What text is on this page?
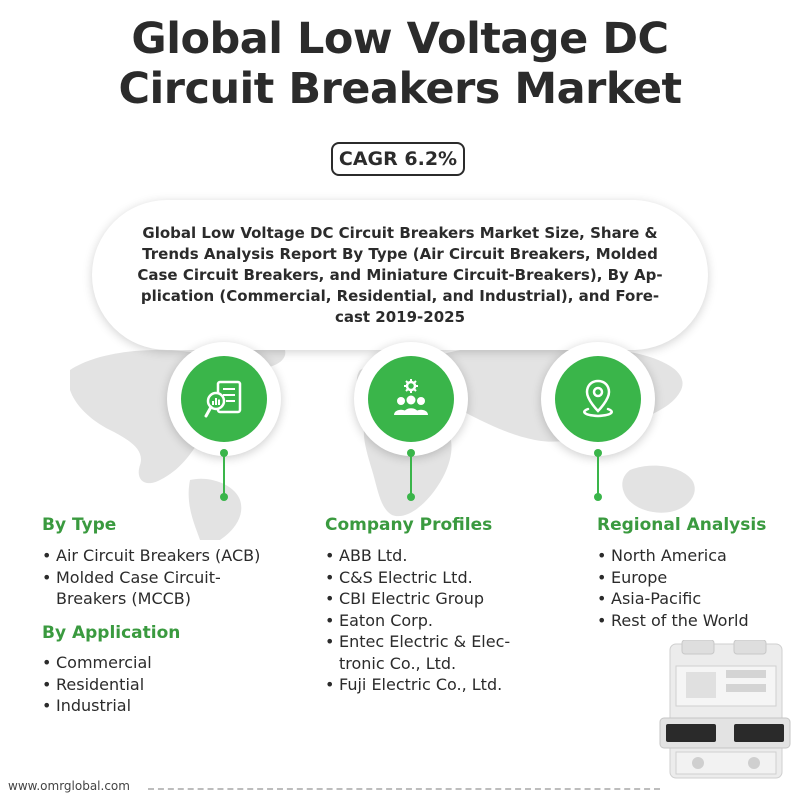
Global Low Voltage DC
Circuit Breakers Market
CAGR 6.2%
Global Low Voltage DC Circuit Breakers Market Size, Share &
Trends Analysis Report By Type (Air Circuit Breakers, Molded
Case Circuit Breakers, and Miniature Circuit-Breakers), By Ap-
plication (Commercial, Residential, and Industrial), and Fore-
cast 2019-2025
By Type
• Air Circuit Breakers (ACB)
• Molded Case Circuit-
Breakers (MCCB)
By Application
• Commercial
• Residential
• Industrial
Company Profiles
• ABB Ltd.
• C&S Electric Ltd.
• CBI Electric Group
• Eaton Corp.
• Entec Electric & Elec-
tronic Co., Ltd.
• Fuji Electric Co., Ltd.
Regional Analysis
• North America
• Europe
• Asia-Pacific
• Rest of the World
www.omrglobal.com
